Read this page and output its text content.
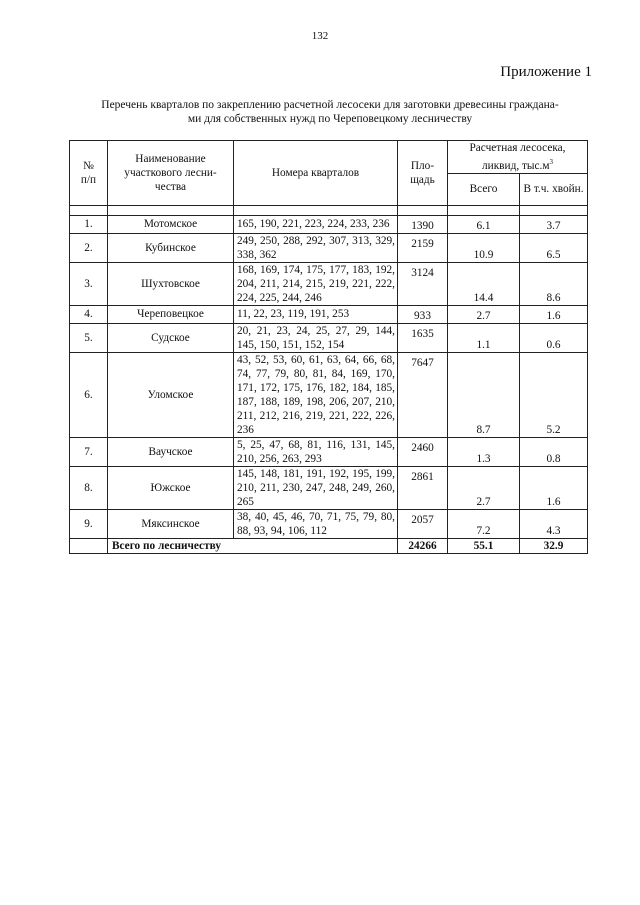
132
Приложение 1
Перечень кварталов по закреплению расчетной лесосеки для заготовки древесины граждана-
ми для собственных нужд по Череповецкому лесничеству
№
п/п	Наименование участкового лесни-чества	Номера кварталов	Пло-щадь	Расчетная лесосека, ликвид, $тыс.м^3$
				Всего	В т.ч. хвойн.

1.	Мотомское	165, 190, 221, 223, 224, 233, 236	1390	6.1	3.7
2.	Кубинское	249, 250, 288, 292, 307, 313, 329, 338, 362	2159	10.9	6.5
3.	Шухтовское	168, 169, 174, 175, 177, 183, 192, 204, 211, 214, 215, 219, 221, 222, 224, 225, 244, 246	3124	14.4	8.6
4.	Череповецкое	11, 22, 23, 119, 191, 253	933	2.7	1.6
5.	Судское	20, 21, 23, 24, 25, 27, 29, 144, 145, 150, 151, 152, 154	1635	1.1	0.6
6.	Уломское	43, 52, 53, 60, 61, 63, 64, 66, 68, 74, 77, 79, 80, 81, 84, 169, 170, 171, 172, 175, 176, 182, 184, 185, 187, 188, 189, 198, 206, 207, 210, 211, 212, 216, 219, 221, 222, 226, 236	7647	8.7	5.2
7.	Ваучское	5, 25, 47, 68, 81, 116, 131, 145, 210, 256, 263, 293	2460	1.3	0.8
8.	Южское	145, 148, 181, 191, 192, 195, 199, 210, 211, 230, 247, 248, 249, 260, 265	2861	2.7	1.6
9.	Мяксинское	38, 40, 45, 46, 70, 71, 75, 79, 80, 88, 93, 94, 106, 112	2057	7.2	4.3
	Всего по лесничеству		24266	55.1	32.9
